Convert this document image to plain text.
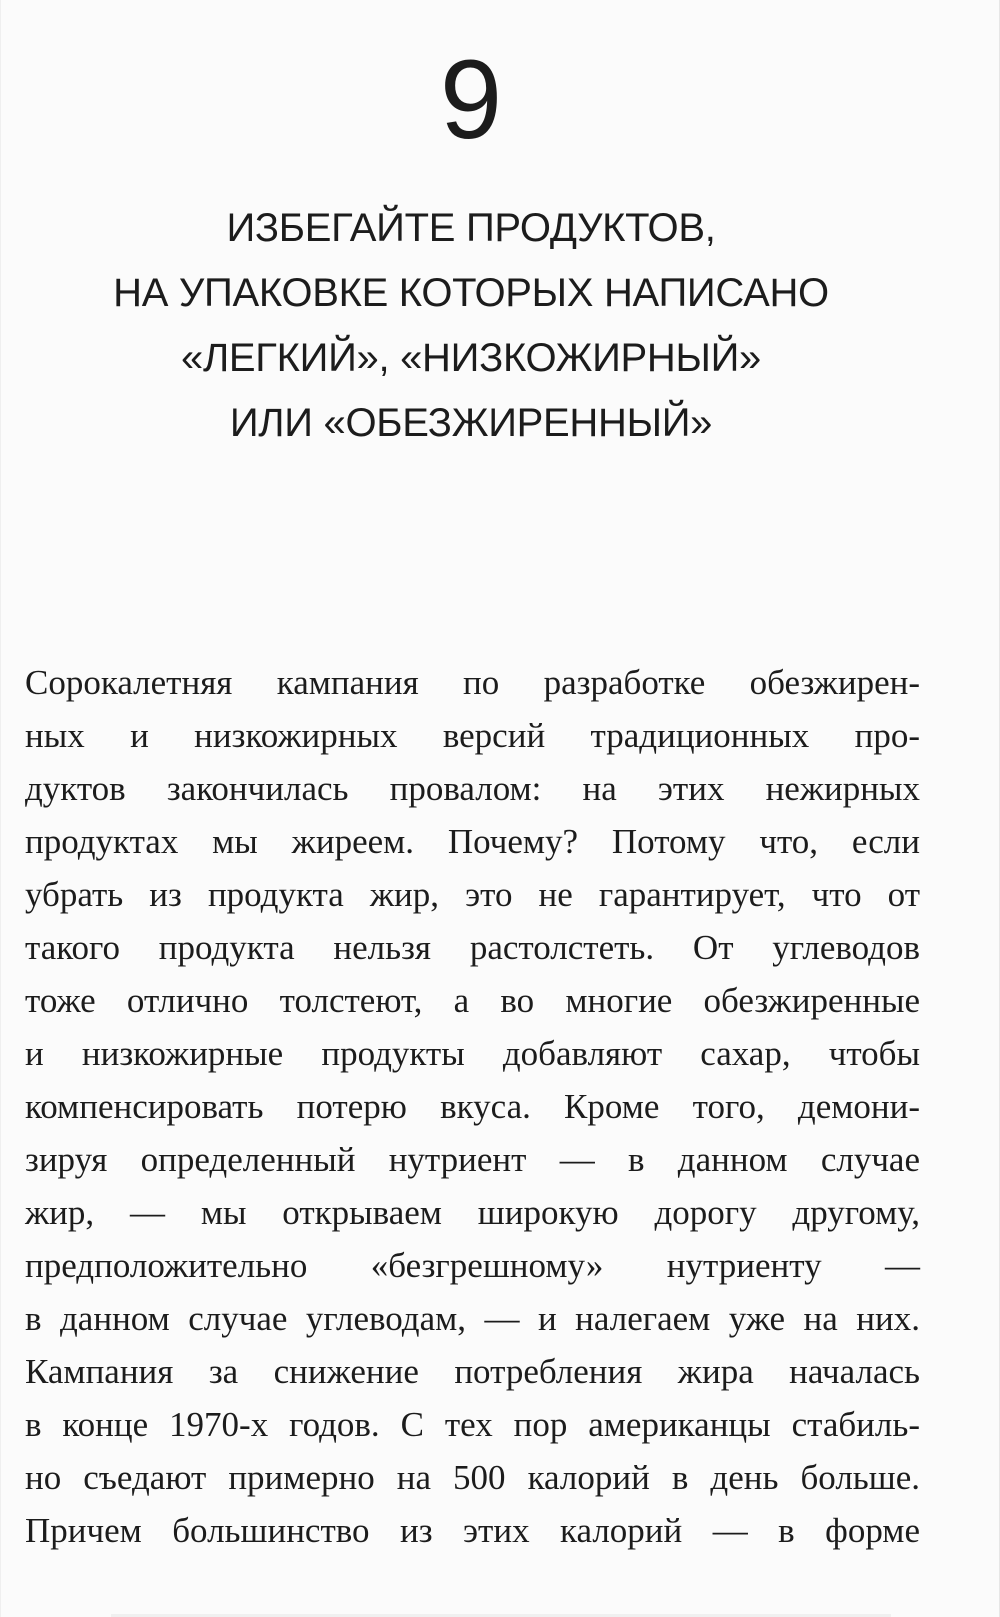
9
ИЗБЕГАЙТЕ ПРОДУКТОВ,
НА УПАКОВКЕ КОТОРЫХ НАПИСАНО
«ЛЕГКИЙ», «НИЗКОЖИРНЫЙ»
ИЛИ «ОБЕЗЖИРЕННЫЙ»
Сорокалетняя кампания по разработке обезжирен-
ных и низкожирных версий традиционных про-
дуктов закончилась провалом: на этих нежирных
продуктах мы жиреем. Почему? Потому что, если
убрать из продукта жир, это не гарантирует, что от
такого продукта нельзя растолстеть. От углеводов
тоже отлично толстеют, а во многие обезжиренные
и низкожирные продукты добавляют сахар, чтобы
компенсировать потерю вкуса. Кроме того, демони-
зируя определенный нутриент — в данном случае
жир, — мы открываем широкую дорогу другому,
предположительно «безгрешному» нутриенту —
в данном случае углеводам, — и налегаем уже на них.
Кампания за снижение потребления жира началась
в конце 1970-х годов. С тех пор американцы стабиль-
но съедают примерно на 500 калорий в день больше.
Причем большинство из этих калорий — в форме
